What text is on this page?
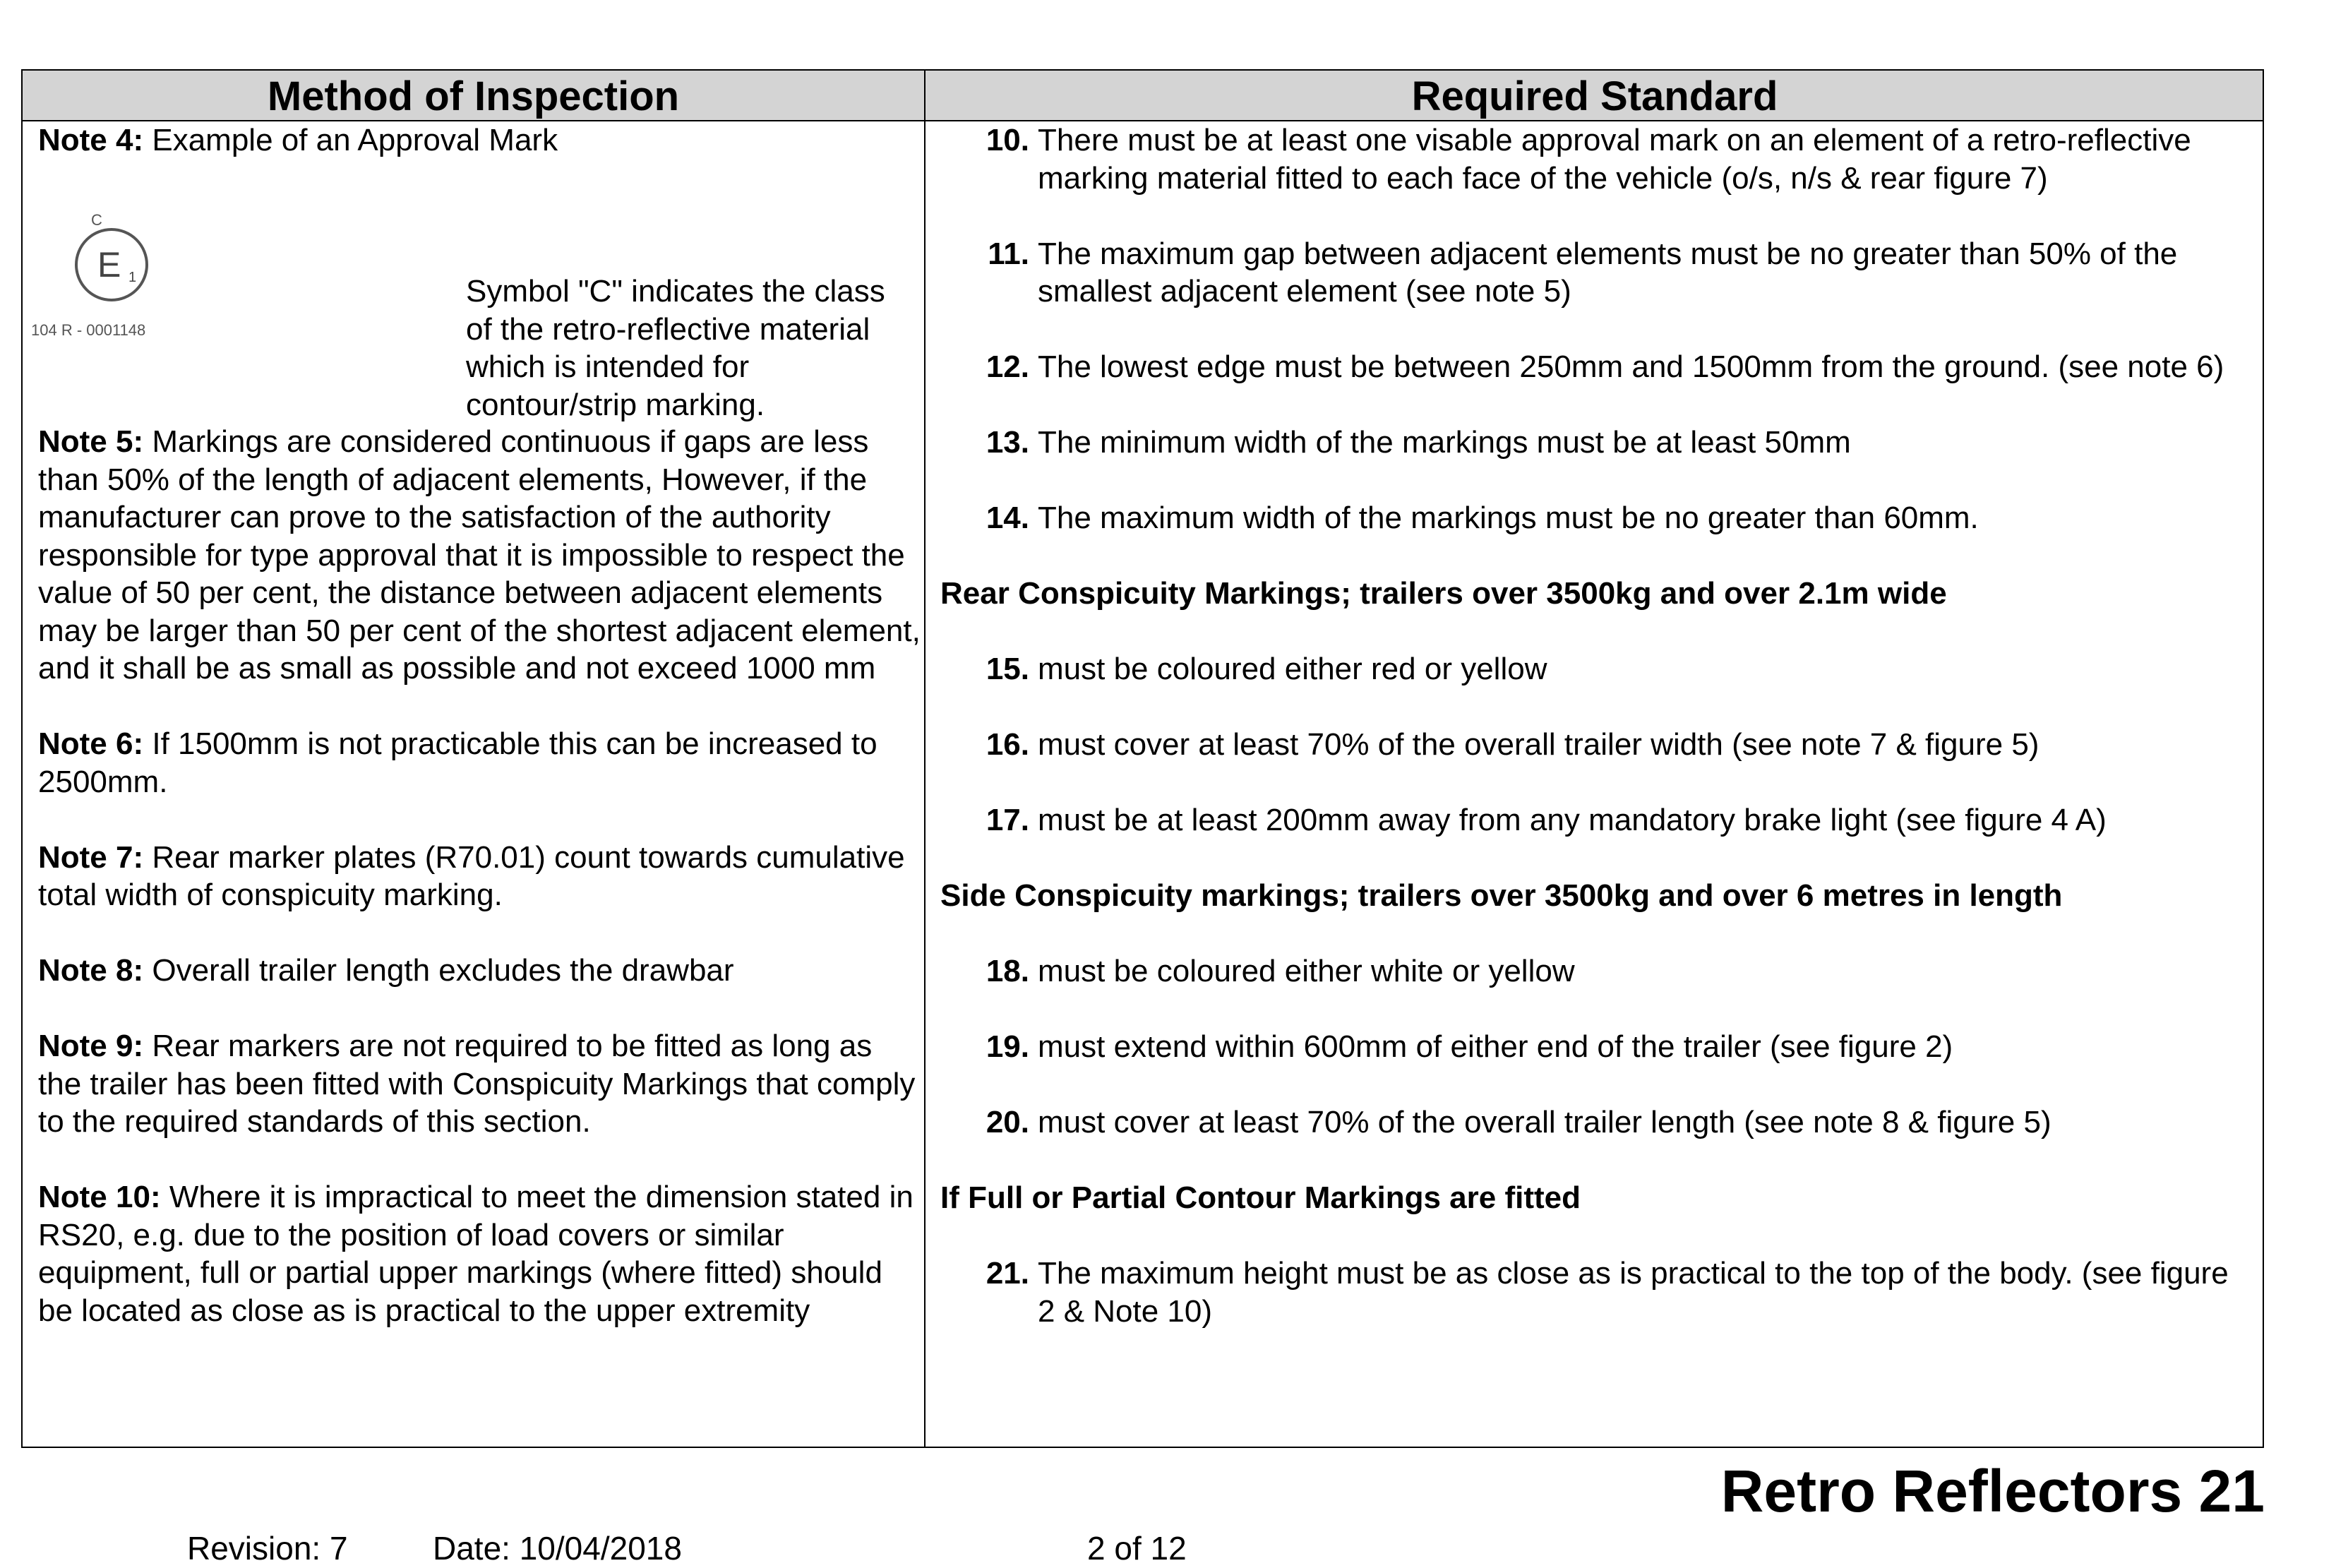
Method of Inspection	Required Standard

Note 4: Example of an Approval Mark

C
E 1
104 R - 0001148
Symbol "C" indicates the class of the retro-reflective material which is intended for contour/strip marking.

Note 5: Markings are considered continuous if gaps are less than 50% of the length of adjacent elements, However, if the manufacturer can prove to the satisfaction of the authority responsible for type approval that it is impossible to respect the value of 50 per cent, the distance between adjacent elements may be larger than 50 per cent of the shortest adjacent element, and it shall be as small as possible and not exceed 1000 mm

Note 6: If 1500mm is not practicable this can be increased to 2500mm.

Note 7: Rear marker plates (R70.01) count towards cumulative total width of conspicuity marking.

Note 8: Overall trailer length excludes the drawbar

Note 9: Rear markers are not required to be fitted as long as the trailer has been fitted with Conspicuity Markings that comply to the required standards of this section.

Note 10: Where it is impractical to meet the dimension stated in RS20, e.g. due to the position of load covers or similar equipment, full or partial upper markings (where fitted) should be located as close as is practical to the upper extremity

10. There must be at least one visable approval mark on an element of a retro-reflective marking material fitted to each face of the vehicle (o/s, n/s & rear figure 7)
11. The maximum gap between adjacent elements must be no greater than 50% of the smallest adjacent element (see note 5)
12. The lowest edge must be between 250mm and 1500mm from the ground. (see note 6)
13. The minimum width of the markings must be at least 50mm
14. The maximum width of the markings must be no greater than 60mm.
Rear Conspicuity Markings; trailers over 3500kg and over 2.1m wide
15. must be coloured either red or yellow
16. must cover at least 70% of the overall trailer width (see note 7 & figure 5)
17. must be at least 200mm away from any mandatory brake light (see figure 4 A)
Side Conspicuity markings; trailers over 3500kg and over 6 metres in length
18. must be coloured either white or yellow
19. must extend within 600mm of either end of the trailer (see figure 2)
20. must cover at least 70% of the overall trailer length (see note 8 & figure 5)
If Full or Partial Contour Markings are fitted
21. The maximum height must be as close as is practical to the top of the body. (see figure 2 & Note 10)
Retro Reflectors 21
Revision: 7	Date: 10/04/2018	2 of 12
